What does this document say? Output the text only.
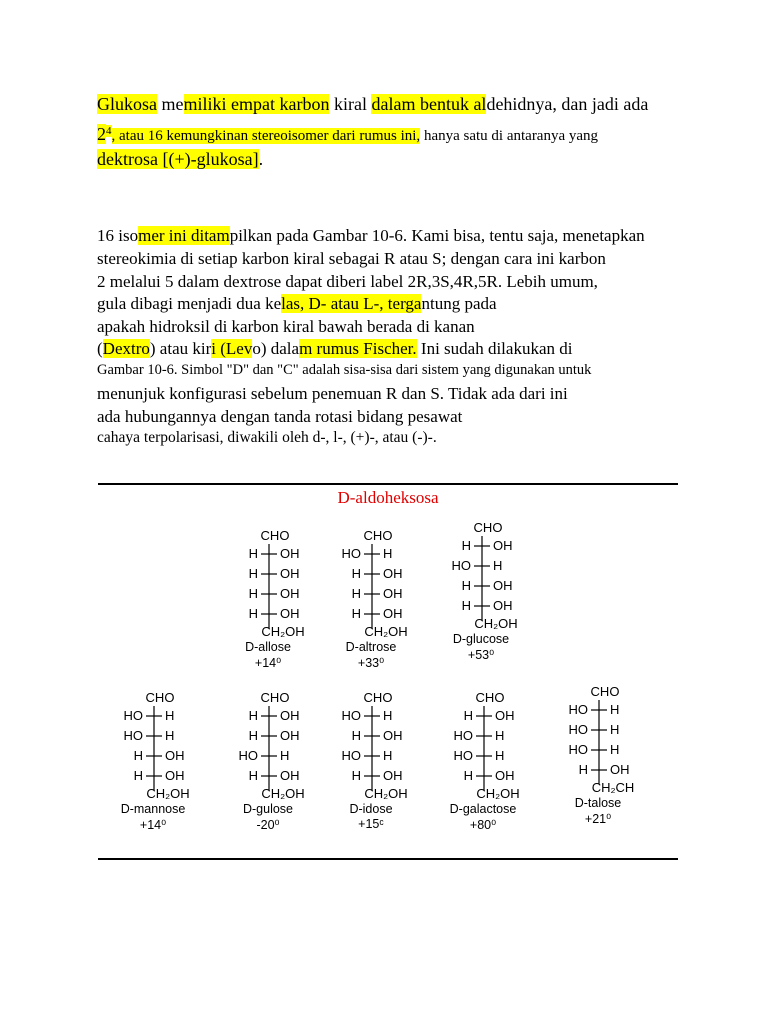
Glukosa memiliki empat karbon kiral dalam bentuk aldehidnya, dan jadi ada
$2^4$, atau 16 kemungkinan stereoisomer dari rumus ini, hanya satu di antaranya yang
dektrosa [(+)-glukosa].
16 isomer ini ditampilkan pada Gambar 10-6. Kami bisa, tentu saja, menetapkan
stereokimia di setiap karbon kiral sebagai R atau S; dengan cara ini karbon
2 melalui 5 dalam dextrose dapat diberi label 2R,3S,4R,5R. Lebih umum,
gula dibagi menjadi dua kelas, D- atau L-, tergantung pada
apakah hidroksil di karbon kiral bawah berada di kanan
(Dextro) atau kiri (Levo) dalam rumus Fischer. Ini sudah dilakukan di
Gambar 10-6. Simbol "D" dan "C" adalah sisa-sisa dari sistem yang digunakan untuk
menunjuk konfigurasi sebelum penemuan R dan S. Tidak ada dari ini
ada hubungannya dengan tanda rotasi bidang pesawat
cahaya terpolarisasi, diwakili oleh d-, l-, (+)-, atau (-)-.
D-aldoheksosa
CHO
H OH
H OH
H OH
H OH
CH₂OH
D-allose
+14⁰
CHO
HO H
H OH
H OH
H OH
CH₂OH
D-altrose
+33⁰
CHO
H OH
HO H
H OH
H OH
CH₂OH
D-glucose
+53⁰
CHO
HO H
HO H
H OH
H OH
CH₂OH
D-mannose
+14⁰
CHO
H OH
H OH
HO H
H OH
CH₂OH
D-gulose
-20⁰
CHO
HO H
H OH
HO H
H OH
CH₂OH
D-idose
+15ᶜ
CHO
H OH
HO H
HO H
H OH
CH₂OH
D-galactose
+80⁰
CHO
HO H
HO H
HO H
H OH
CH₂CH
D-talose
+21⁰
